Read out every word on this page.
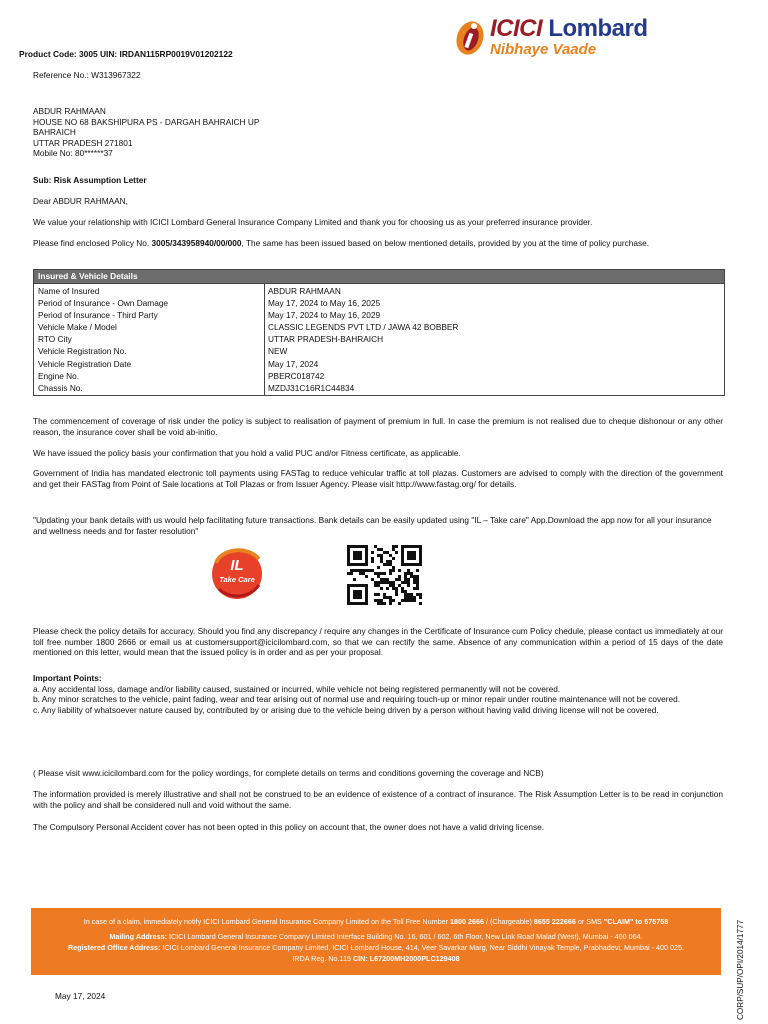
Product Code: 3005 UIN: IRDAN115RP0019V01202122
ICICI Lombard
Nibhaye Vaade
Reference No.: W313967322
ABDUR RAHMAAN
HOUSE NO 68 BAKSHIPURA PS - DARGAH BAHRAICH UP
BAHRAICH
UTTAR PRADESH 271801
Mobile No: 80******37
Sub: Risk Assumption Letter
Dear ABDUR RAHMAAN,
We value your relationship with ICICI Lombard General Insurance Company Limited and thank you for choosing us as your preferred insurance provider.
Please find enclosed Policy No. 3005/343958940/00/000, The same has been issued based on below mentioned details, provided by you at the time of policy purchase.
Insured & Vehicle Details
Name of Insured
Period of Insurance - Own Damage
Period of Insurance - Third Party
Vehicle Make / Model
RTO City
Vehicle Registration No.
Vehicle Registration Date
Engine No.
Chassis No.
ABDUR RAHMAAN
May 17, 2024 to May 16, 2025
May 17, 2024 to May 16, 2029
CLASSIC LEGENDS PVT LTD / JAWA 42 BOBBER
UTTAR PRADESH-BAHRAICH
NEW
May 17, 2024
PBERC018742
MZDJ31C16R1C44834
The commencement of coverage of risk under the policy is subject to realisation of payment of premium in full. In case the premium is not realised due to cheque dishonour or any other reason, the insurance cover shall be void ab-initio.
We have issued the policy basis your confirmation that you hold a valid PUC and/or Fitness certificate, as applicable.
Government of India has mandated electronic toll payments using FASTag to reduce vehicular traffic at toll plazas. Customers are advised to comply with the direction of the government and get their FASTag from Point of Sale locations at Toll Plazas or from Issuer Agency. Please visit http://www.fastag.org/ for details.
"Updating your bank details with us would help facilitating future transactions. Bank details can be easily updated using "IL – Take care" App.Download the app now for all your insurance and wellness needs and for faster resolution"
IL
Take Care
Please check the policy details for accuracy. Should you find any discrepancy / require any changes in the Certificate of Insurance cum Policy chedule, please contact us immediately at our toll free number 1800 2666 or email us at customersupport@icicilombard.com, so that we can rectify the same. Absence of any communication within a period of 15 days of the date mentioned on this letter, would mean that the issued policy is in order and as per your proposal.
Important Points:
a. Any accidental loss, damage and/or liability caused, sustained or incurred, while vehicle not being registered permanently will not be covered.
b. Any minor scratches to the vehicle, paint fading, wear and tear arising out of normal use and requiring touch-up or minor repair under routine maintenance will not be covered.
c. Any liability of whatsoever nature caused by, contributed by or arising due to the vehicle being driven by a person without having valid driving license will not be covered.
( Please visit www.icicilombard.com for the policy wordings, for complete details on terms and conditions governing the coverage and NCB)
The information provided is merely illustrative and shall not be construed to be an evidence of existence of a contract of insurance. The Risk Assumption Letter is to be read in conjunction with the policy and shall be considered null and void without the same.
The Compulsory Personal Accident cover has not been opted in this policy on account that, the owner does not have a valid driving license.
In case of a claim, immediately notify ICICI Lombard General Insurance Company Limited on the Toll Free Number 1800 2666 / (Chargeable) 8655 222666 or SMS "CLAIM" to 575758
Mailing Address: ICICI Lombard General Insurance Company Limited Interface Building No. 16, 601 / 602, 6th Floor, New Link Road Malad (West), Mumbai - 400 064.
Registered Office Address: ICICI Lombard General Insurance Company Limited, ICICI Lombard House, 414, Veer Savarkar Marg, Near Siddhi Vinayak Temple, Prabhadevi, Mumbai - 400 025.
IRDA Reg. No.115 CIN: L67200MH2000PLC129408	CORP/SUP/OPI/2014/1777
May 17, 2024
